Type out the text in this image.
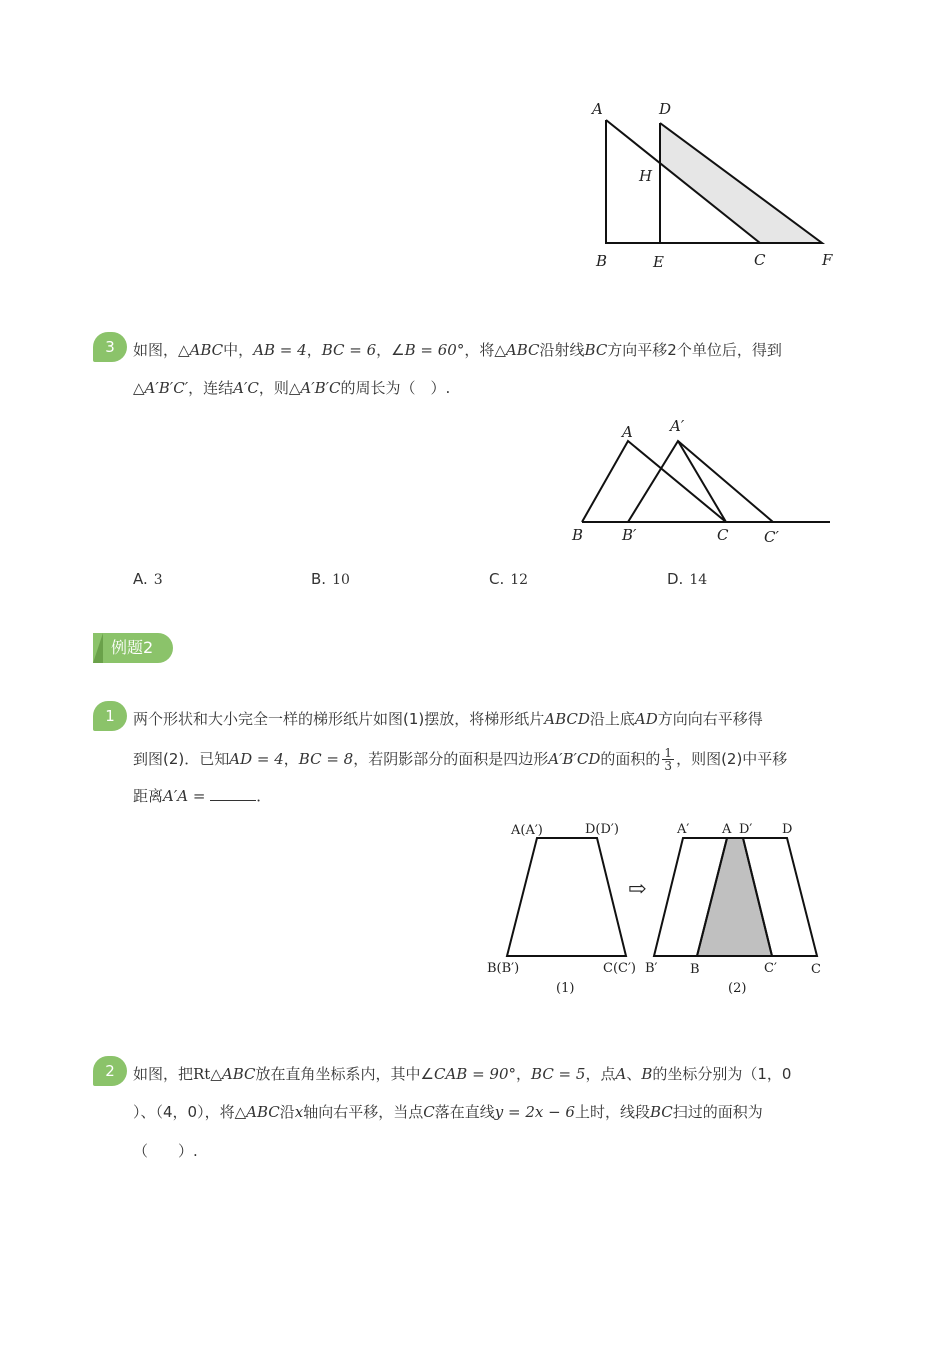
A	D
H
B	E	C	F
3	如图，△ABC中，AB = 4，BC = 6，∠B = 60°，将△ABC沿射线BC方向平移2个单位后，得到
△A′B′C′，连结A′C，则△A′B′C的周长为（　）.
A A′
B	B′	C C′
A. 3	B. 10	C. 12	D. 14
例题2
1	两个形状和大小完全一样的梯形纸片如图(1)摆放，将梯形纸片ABCD沿上底AD方向向右平移得
到图(2)．已知AD = 4，BC = 8，若阴影部分的面积是四边形A′B′CD的面积的 $\frac{1}{3}$ ，则图(2)中平移
距离A′A =	．
A(A′)	D(D′)
B(B′)	C(C′)
(1)
⇨
A′	A D′ D
B′ B	C′	C
(2)
2	如图，把Rt△ABC放在直角坐标系内，其中∠CAB = 90°，BC = 5，点A、B的坐标分别为（1，0
）、（4，0），将△ABC沿x轴向右平移，当点C落在直线y = 2x − 6上时，线段BC扫过的面积为
（　　）.
